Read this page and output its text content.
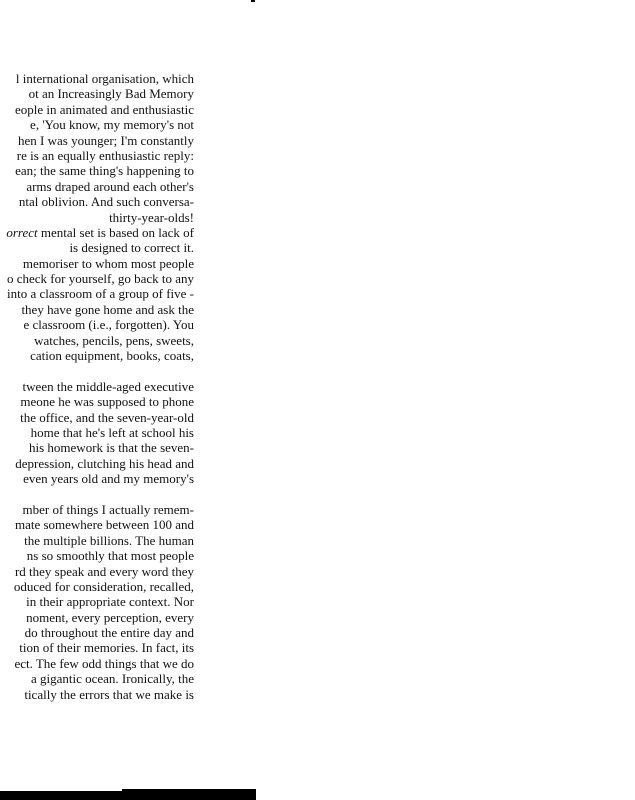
l international organisation, which
ot an Increasingly Bad Memory
eople in animated and enthusiastic
e, 'You know, my memory's not
hen I was younger; I'm constantly
re is an equally enthusiastic reply:
ean; the same thing's happening to
arms draped around each other's
ntal oblivion. And such conversa-
thirty-year-olds!
orrect mental set is based on lack of
is designed to correct it.
memoriser to whom most people
o check for yourself, go back to any
into a classroom of a group of five -
they have gone home and ask the
e classroom (i.e., forgotten). You
watches, pencils, pens, sweets,
cation equipment, books, coats,
tween the middle-aged executive
meone he was supposed to phone
the office, and the seven-year-old
home that he's left at school his
his homework is that the seven-
depression, clutching his head and
even years old and my memory's
mber of things I actually remem-
mate somewhere between 100 and
the multiple billions. The human
ns so smoothly that most people
rd they speak and every word they
oduced for consideration, recalled,
in their appropriate context. Nor
noment, every perception, every
do throughout the entire day and
tion of their memories. In fact, its
ect. The few odd things that we do
a gigantic ocean. Ironically, the
tically the errors that we make is
